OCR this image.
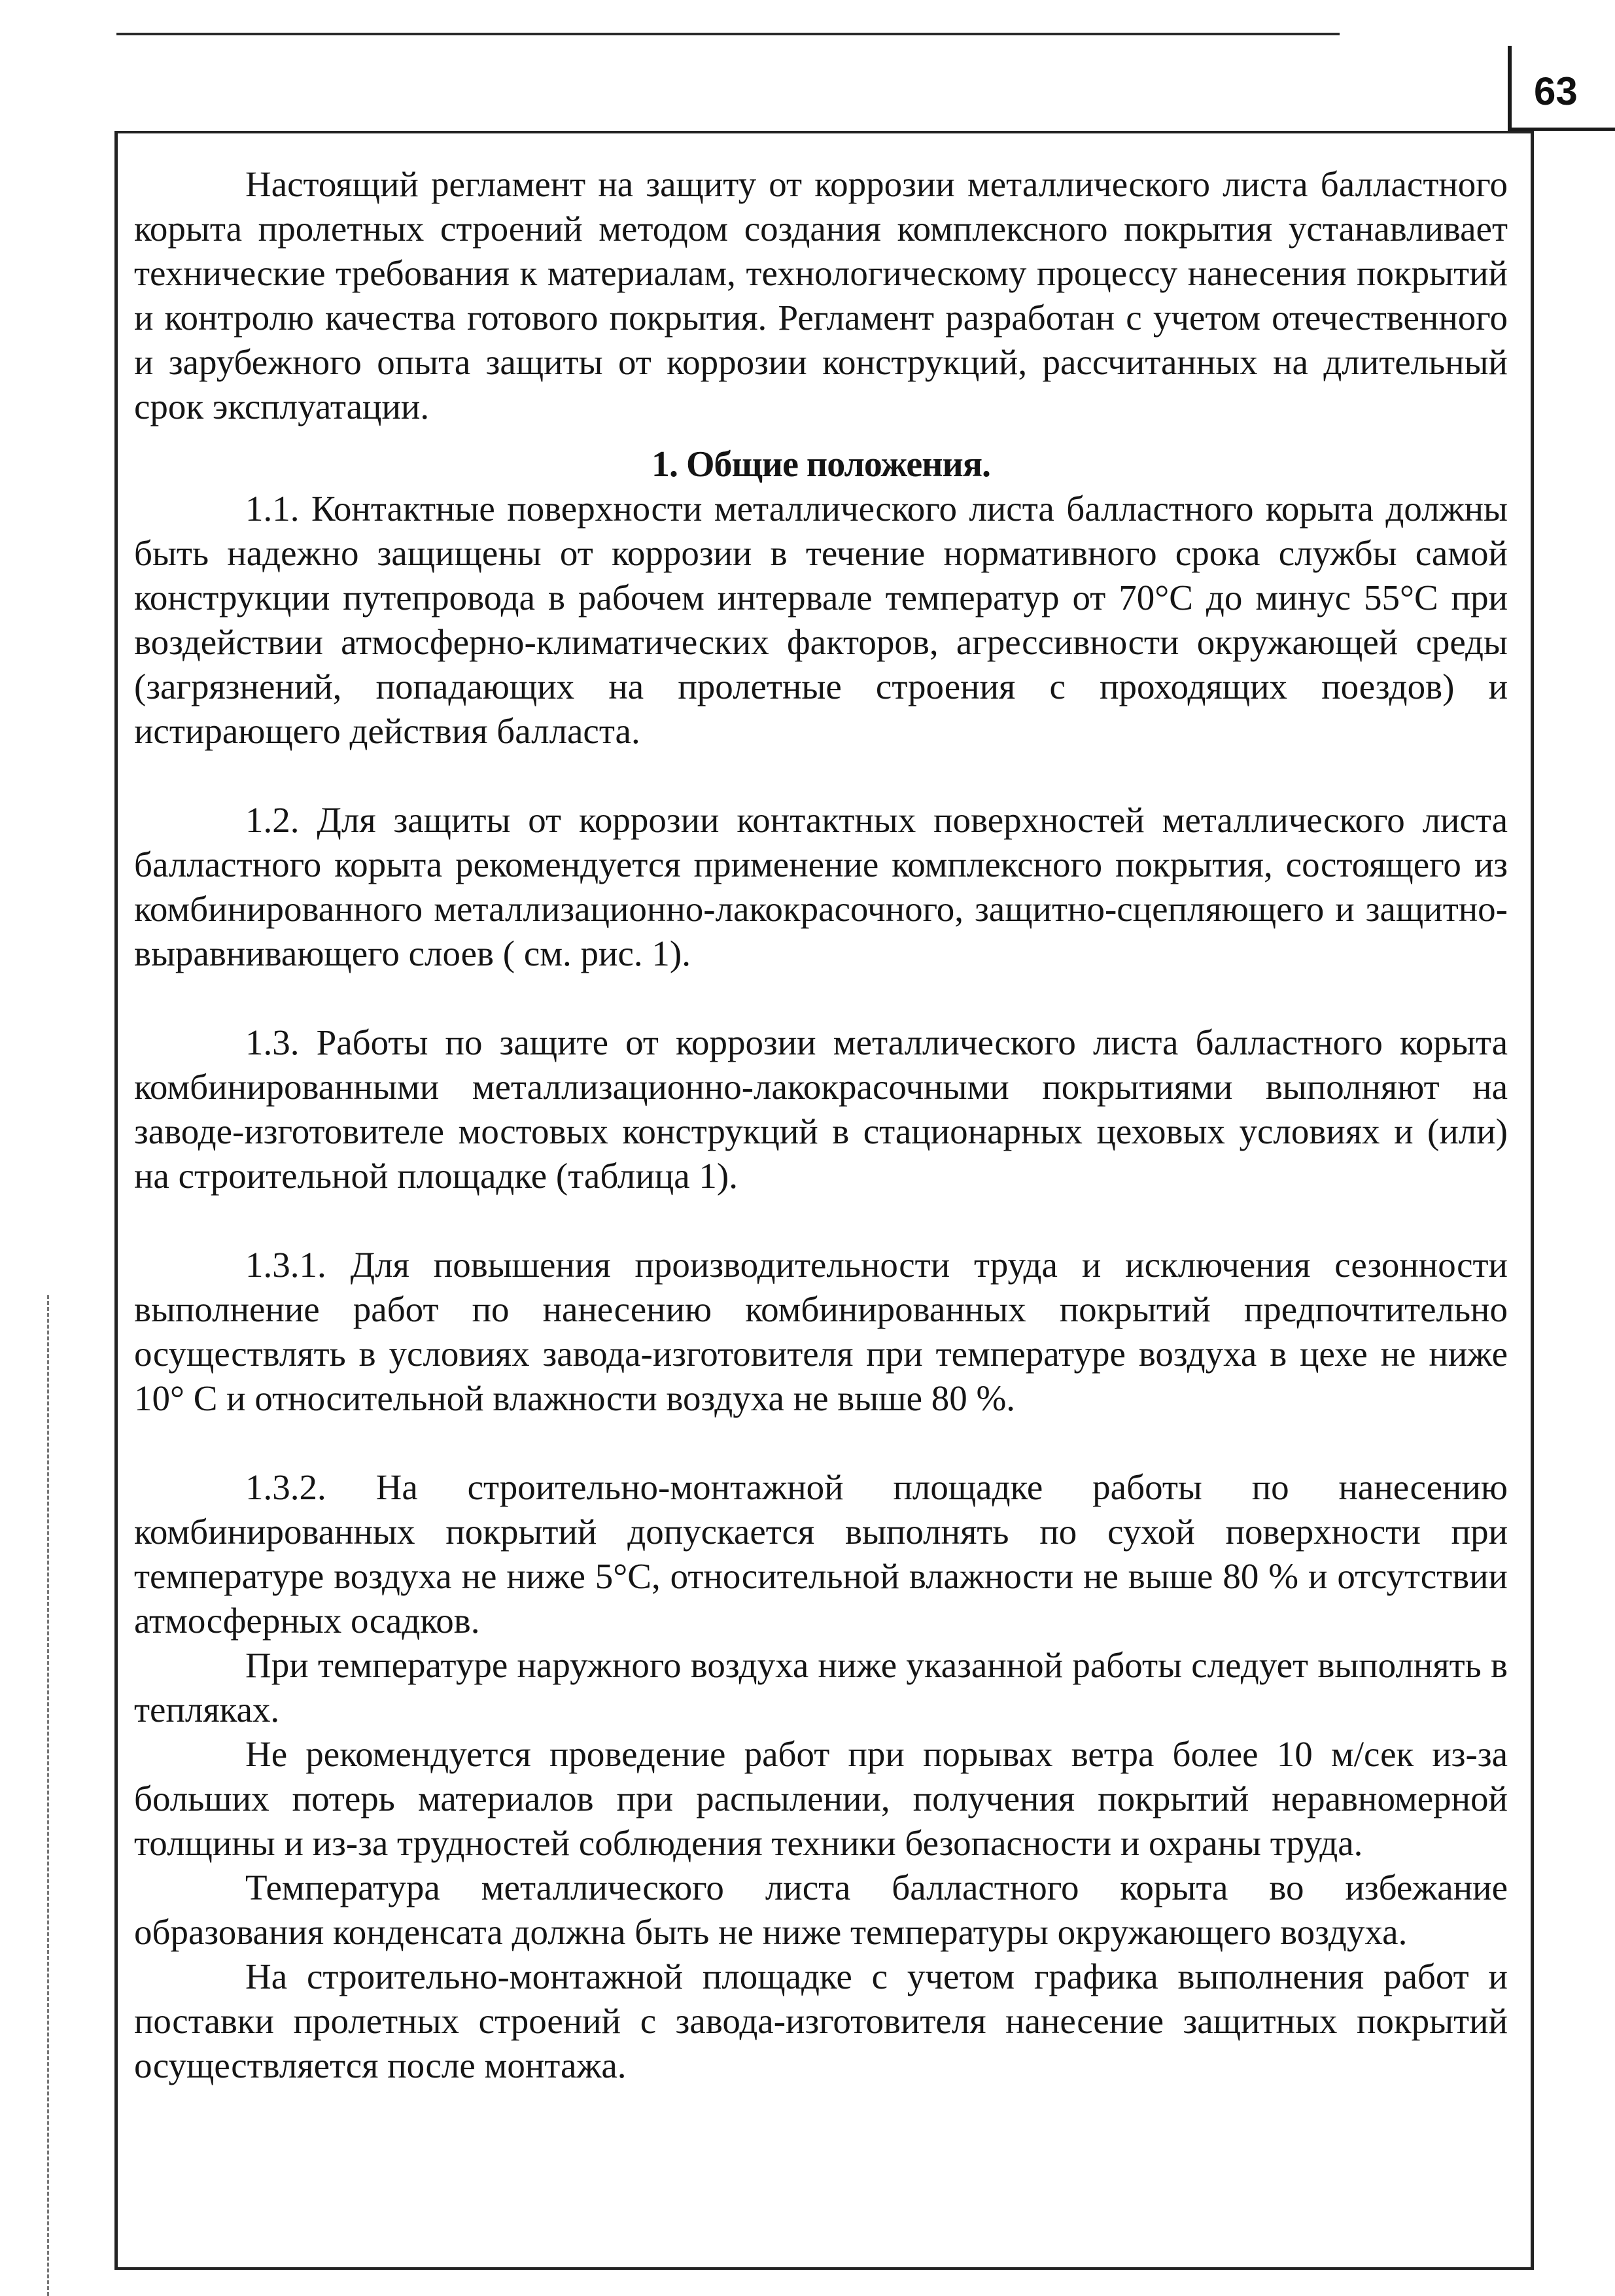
63

Настоящий регламент на защиту от коррозии металлического листа балластного корыта пролетных строений методом создания комплексного покрытия устанавливает технические требования к материалам, технологическому процессу нанесения покрытий и контролю качества готового покрытия. Регламент разработан с учетом отечественного и зарубежного опыта защиты от коррозии конструкций, рассчитанных на длительный срок эксплуатации.

1. Общие положения.

1.1. Контактные поверхности металлического листа балластного корыта должны быть надежно защищены от коррозии в течение нормативного срока службы самой конструкции путепровода в рабочем интервале температур от 70°C до минус 55°C при воздействии атмосферно-климатических факторов, агрессивности окружающей среды (загрязнений, попадающих на пролетные строения с проходящих поездов) и истирающего действия балласта.

1.2. Для защиты от коррозии контактных поверхностей металлического листа балластного корыта рекомендуется применение комплексного покрытия, состоящего из комбинированного металлизационно-лакокрасочного, защитно-сцепляющего и защитно-выравнивающего слоев ( см. рис. 1).

1.3. Работы по защите от коррозии металлического листа балластного корыта комбинированными металлизационно-лакокрасочными покрытиями выполняют на заводе-изготовителе мостовых конструкций в стационарных цеховых условиях и (или) на строительной площадке (таблица 1).

1.3.1. Для повышения производительности труда и исключения сезонности выполнение работ по нанесению комбинированных покрытий предпочтительно осуществлять в условиях завода-изготовителя при температуре воздуха в цехе не ниже 10° С и относительной влажности воздуха не выше 80 %.

1.3.2. На строительно-монтажной площадке работы по нанесению комбинированных покрытий допускается выполнять по сухой поверхности при температуре воздуха не ниже 5°C, относительной влажности не выше 80 % и отсутствии атмосферных осадков.

При температуре наружного воздуха ниже указанной работы следует выполнять в тепляках.

Не рекомендуется проведение работ при порывах ветра более 10 м/сек из-за больших потерь материалов при распылении, получения покрытий неравномерной толщины и из-за трудностей соблюдения техники безопасности и охраны труда.

Температура металлического листа балластного корыта во избежание образования конденсата должна быть не ниже температуры окружающего воздуха.

На строительно-монтажной площадке с учетом графика выполнения работ и поставки пролетных строений с завода-изготовителя нанесение защитных покрытий осуществляется после монтажа.
